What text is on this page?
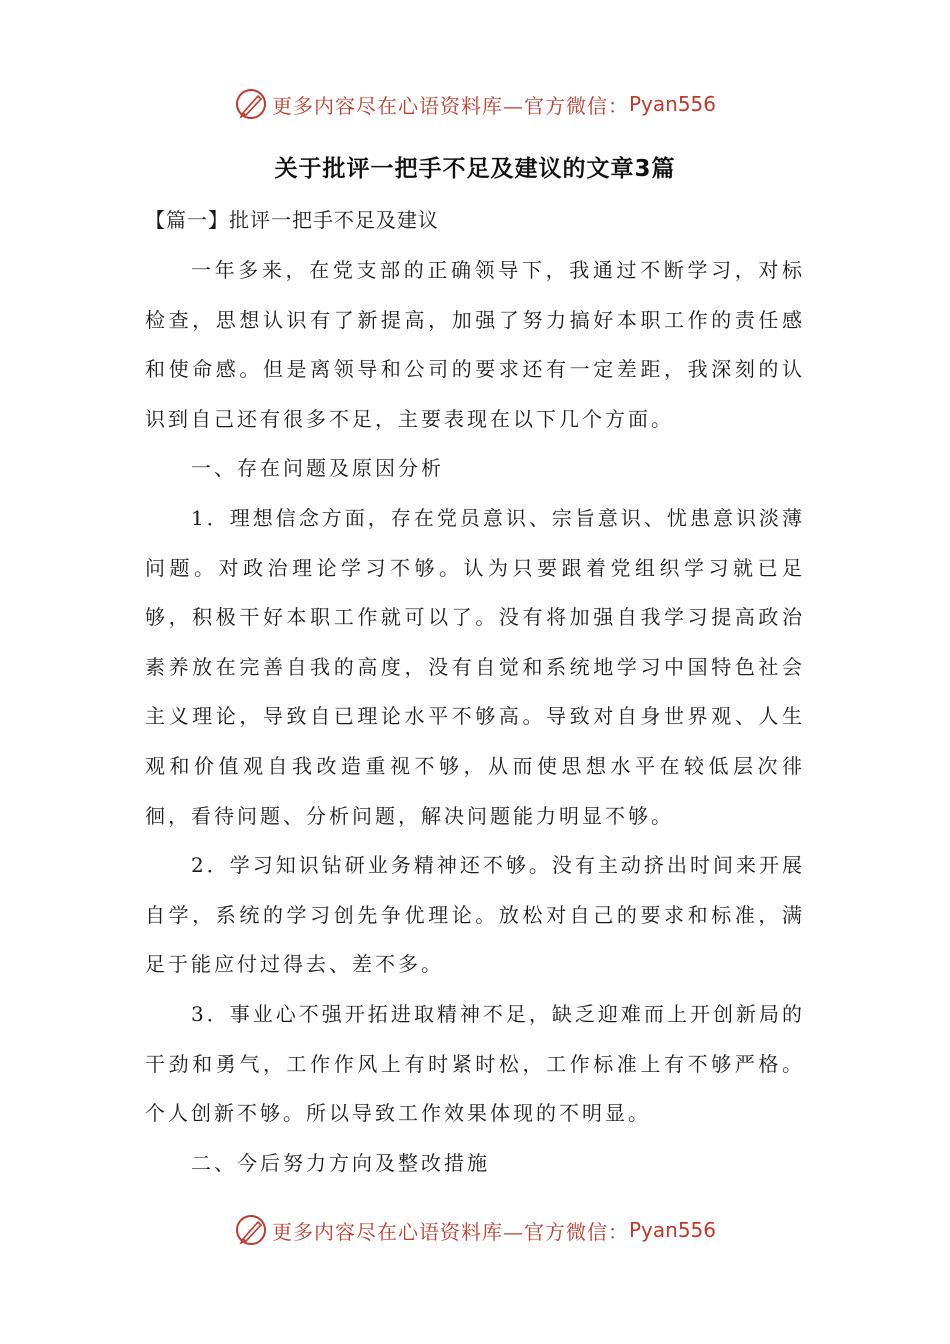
更多内容尽在心语资料库—官方微信： Pyan556
关于批评一把手不足及建议的文章3篇
【篇一】批评一把手不足及建议

一年多来，在党支部的正确领导下，我通过不断学习，对标检查，思想认识有了新提高，加强了努力搞好本职工作的责任感和使命感。但是离领导和公司的要求还有一定差距，我深刻的认识到自己还有很多不足，主要表现在以下几个方面。

一、存在问题及原因分析

1．理想信念方面，存在党员意识、宗旨意识、忧患意识淡薄问题。对政治理论学习不够。认为只要跟着党组织学习就已足够，积极干好本职工作就可以了。没有将加强自我学习提高政治素养放在完善自我的高度，没有自觉和系统地学习中国特色社会主义理论，导致自已理论水平不够高。导致对自身世界观、人生观和价值观自我改造重视不够，从而使思想水平在较低层次徘徊，看待问题、分析问题，解决问题能力明显不够。

2．学习知识钻研业务精神还不够。没有主动挤出时间来开展自学，系统的学习创先争优理论。放松对自己的要求和标准，满足于能应付过得去、差不多。

3．事业心不强开拓进取精神不足，缺乏迎难而上开创新局的干劲和勇气，工作作风上有时紧时松，工作标准上有不够严格。个人创新不够。所以导致工作效果体现的不明显。

二、今后努力方向及整改措施

更多内容尽在心语资料库—官方微信： Pyan556
